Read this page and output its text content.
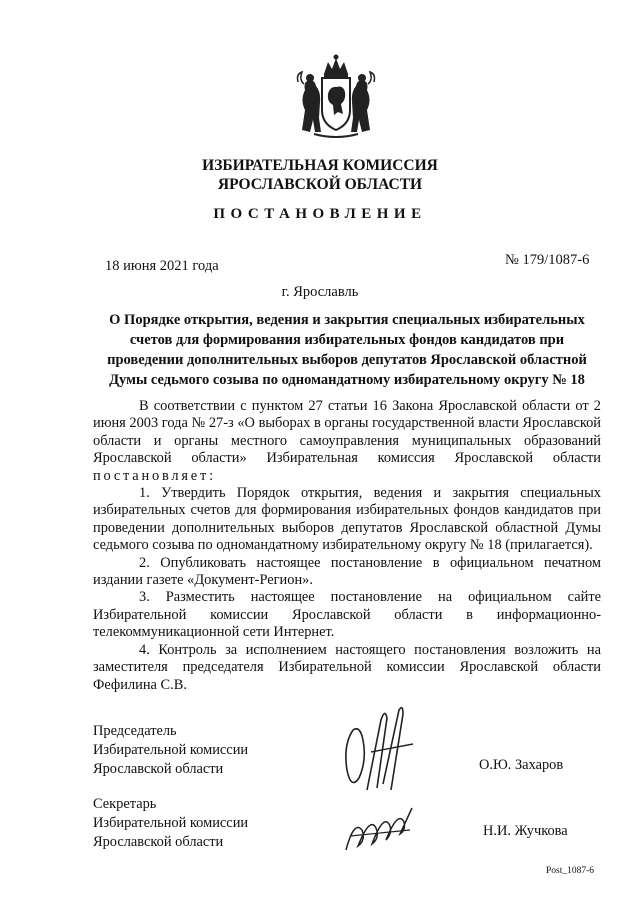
ИЗБИРАТЕЛЬНАЯ КОМИССИЯ
ЯРОСЛАВСКОЙ ОБЛАСТИ
ПОСТАНОВЛЕНИЕ
18 июня 2021 года	№ 179/1087-6
г. Ярославль
О Порядке открытия, ведения и закрытия специальных избирательных счетов для формирования избирательных фондов кандидатов при проведении дополнительных выборов депутатов Ярославской областной Думы седьмого созыва по одномандатному избирательному округу № 18

В соответствии с пунктом 27 статьи 16 Закона Ярославской области от 2 июня 2003 года № 27-з «О выборах в органы государственной власти Ярославской области и органы местного самоуправления муниципальных образований Ярославской области» Избирательная комиссия Ярославской области постановляет:

1. Утвердить Порядок открытия, ведения и закрытия специальных избирательных счетов для формирования избирательных фондов кандидатов при проведении дополнительных выборов депутатов Ярославской областной Думы седьмого созыва по одномандатному избирательному округу № 18 (прилагается).

2. Опубликовать настоящее постановление в официальном печатном издании газете «Документ-Регион».

3. Разместить настоящее постановление на официальном сайте Избирательной комиссии Ярославской области в информационно-телекоммуникационной сети Интернет.

4. Контроль за исполнением настоящего постановления возложить на заместителя председателя Избирательной комиссии Ярославской области Фефилина С.В.

Председатель
Избирательной комиссии
Ярославской области	О.Ю. Захаров
Секретарь
Избирательной комиссии
Ярославской области
Н.И. Жучкова
Post_1087-6
